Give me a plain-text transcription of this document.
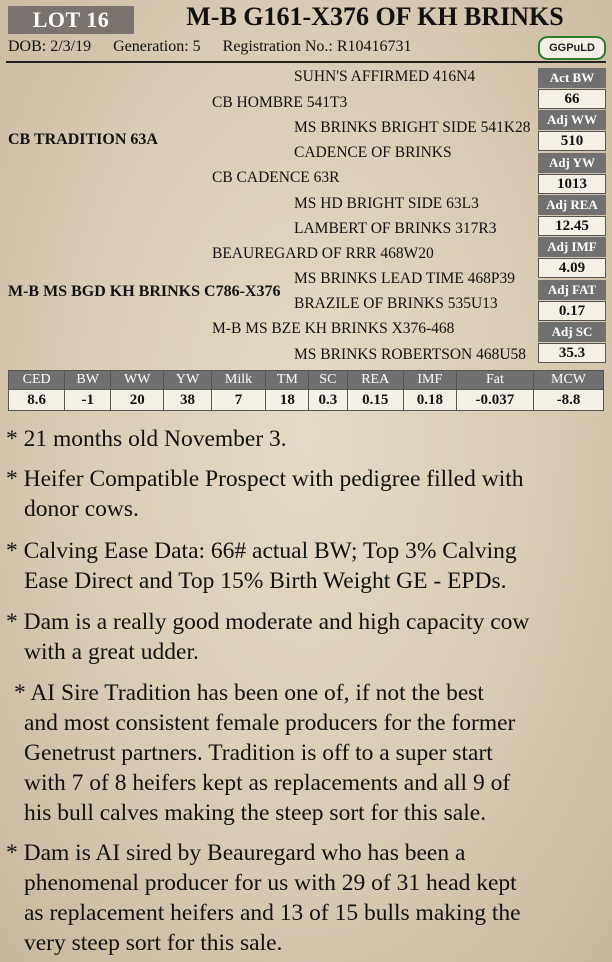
LOT 16	M-B G161-X376 OF KH BRINKS
DOB: 2/3/19 Generation: 5 Registration No.: R10416731	GGPuLD
SUHN'S AFFIRMED 416N4
CB HOMBRE 541T3
MS BRINKS BRIGHT SIDE 541K28
CB TRADITION 63A
CADENCE OF BRINKS
CB CADENCE 63R
MS HD BRIGHT SIDE 63L3
LAMBERT OF BRINKS 317R3
BEAUREGARD OF RRR 468W20
MS BRINKS LEAD TIME 468P39
M-B MS BGD KH BRINKS C786-X376
BRAZILE OF BRINKS 535U13
M-B MS BZE KH BRINKS X376-468
MS BRINKS ROBERTSON 468U58
Act BW
66
Adj WW
510
Adj YW
1013
Adj REA
12.45
Adj IMF
4.09
Adj FAT
0.17
Adj SC
35.3
CED	BW	WW	YW	Milk	TM	SC	REA	IMF	Fat	MCW
8.6	-1	20	38	7	18	0.3	0.15	0.18	-0.037	-8.8
* 21 months old November 3.
* Heifer Compatible Prospect with pedigree filled with
donor cows.
* Calving Ease Data: 66# actual BW; Top 3% Calving
Ease Direct and Top 15% Birth Weight GE - EPDs.
* Dam is a really good moderate and high capacity cow
with a great udder.
* AI Sire Tradition has been one of, if not the best
and most consistent female producers for the former
Genetrust partners. Tradition is off to a super start
with 7 of 8 heifers kept as replacements and all 9 of
his bull calves making the steep sort for this sale.
* Dam is AI sired by Beauregard who has been a
phenomenal producer for us with 29 of 31 head kept
as replacement heifers and 13 of 15 bulls making the
very steep sort for this sale.
